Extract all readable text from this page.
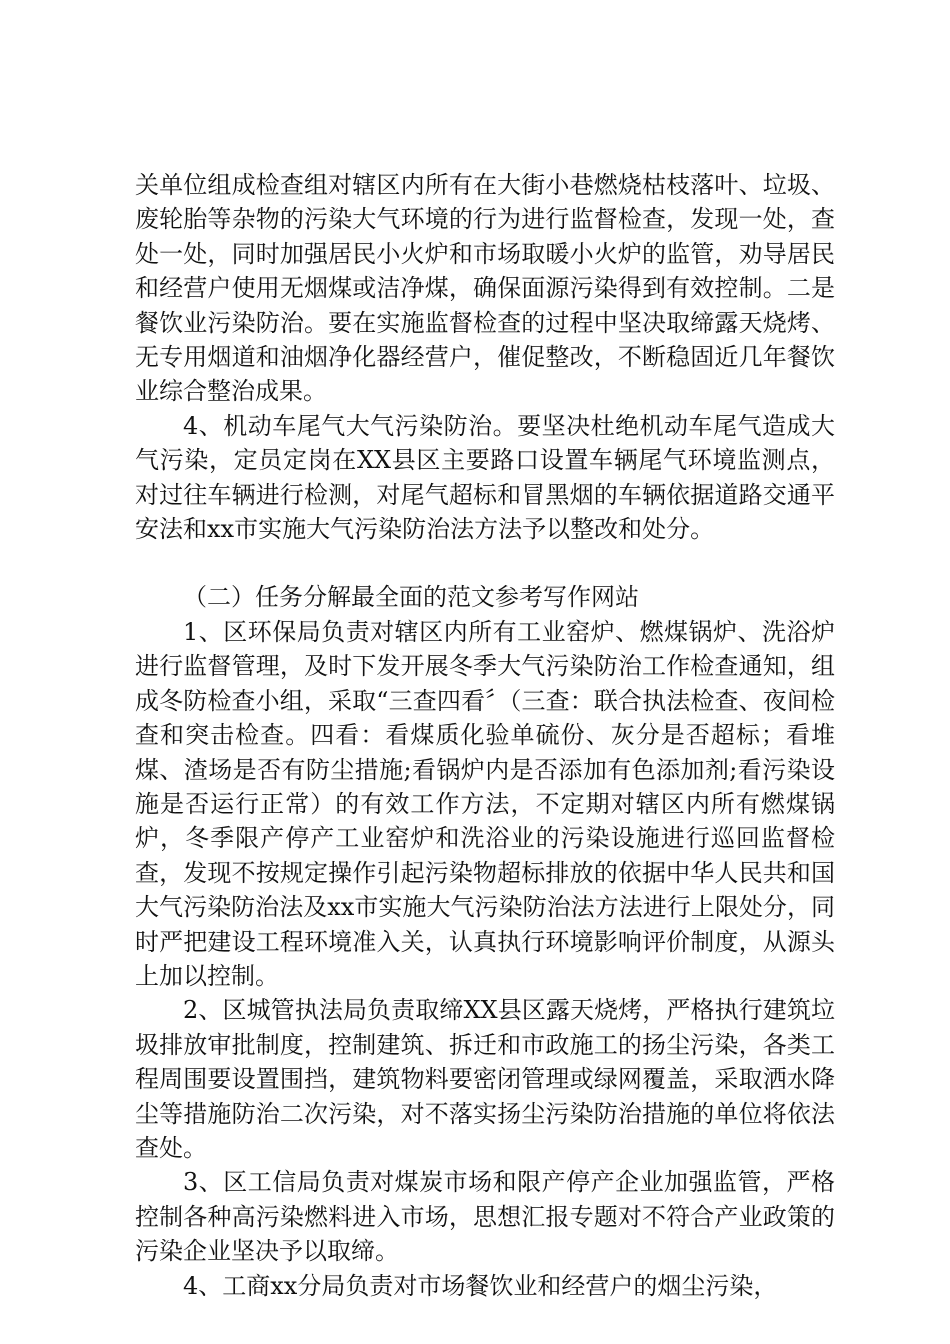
关单位组成检查组对辖区内所有在大街小巷燃烧枯枝落叶、垃圾、废轮胎等杂物的污染大气环境的行为进行监督检查，发现一处，查处一处，同时加强居民小火炉和市场取暖小火炉的监管，劝导居民和经营户使用无烟煤或洁净煤，确保面源污染得到有效控制。二是餐饮业污染防治。要在实施监督检查的过程中坚决取缔露天烧烤、无专用烟道和油烟净化器经营户，催促整改，不断稳固近几年餐饮业综合整治成果。

4、机动车尾气大气污染防治。要坚决杜绝机动车尾气造成大气污染，定员定岗在XX县区主要路口设置车辆尾气环境监测点，对过往车辆进行检测，对尾气超标和冒黑烟的车辆依据道路交通平安法和xx市实施大气污染防治法方法予以整改和处分。

（二）任务分解最全面的范文参考写作网站

1、区环保局负责对辖区内所有工业窑炉、燃煤锅炉、洗浴炉进行监督管理，及时下发开展冬季大气污染防治工作检查通知，组成冬防检查小组，采取“三查四看〞（三查：联合执法检查、夜间检查和突击检查。四看：看煤质化验单硫份、灰分是否超标；看堆煤、渣场是否有防尘措施;看锅炉内是否添加有色添加剂;看污染设施是否运行正常）的有效工作方法，不定期对辖区内所有燃煤锅炉，冬季限产停产工业窑炉和洗浴业的污染设施进行巡回监督检查，发现不按规定操作引起污染物超标排放的依据中华人民共和国大气污染防治法及xx市实施大气污染防治法方法进行上限处分，同时严把建设工程环境准入关，认真执行环境影响评价制度，从源头上加以控制。

2、区城管执法局负责取缔XX县区露天烧烤，严格执行建筑垃圾排放审批制度，控制建筑、拆迁和市政施工的扬尘污染，各类工程周围要设置围挡，建筑物料要密闭管理或绿网覆盖，采取洒水降尘等措施防治二次污染，对不落实扬尘污染防治措施的单位将依法查处。

3、区工信局负责对煤炭市场和限产停产企业加强监管，严格控制各种高污染燃料进入市场，思想汇报专题对不符合产业政策的污染企业坚决予以取缔。

4、工商xx分局负责对市场餐饮业和经营户的烟尘污染，
